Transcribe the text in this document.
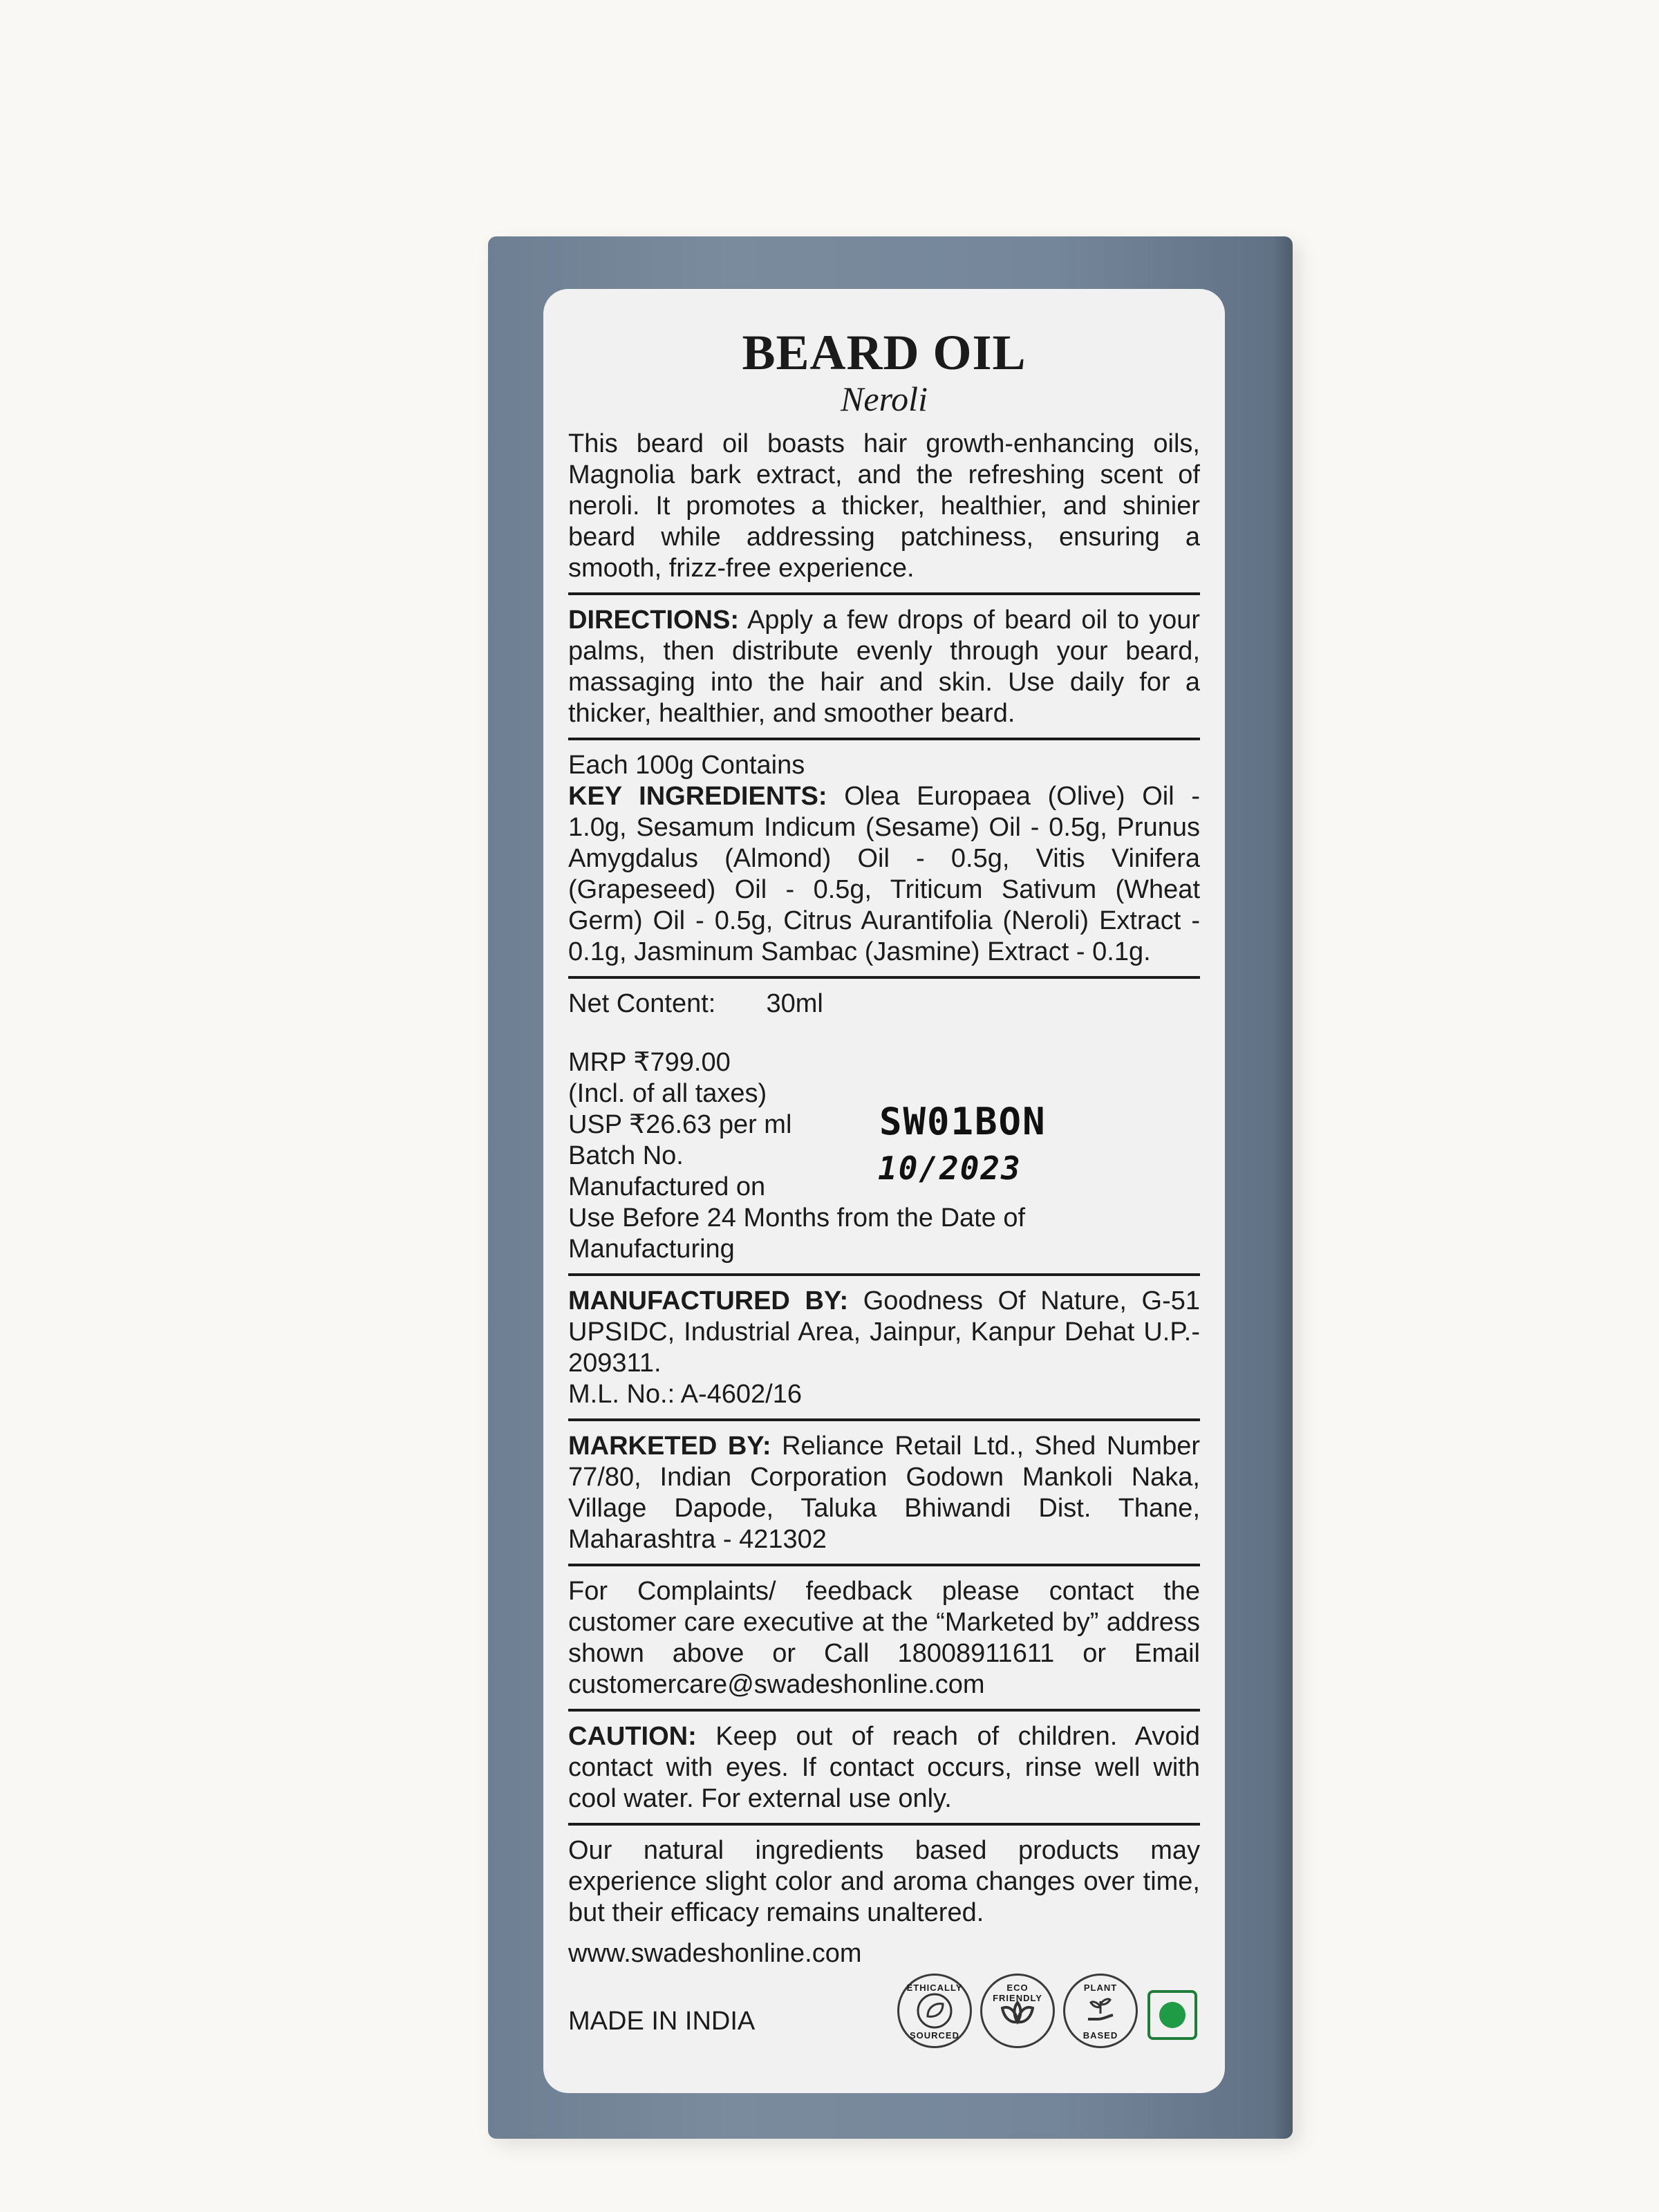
BEARD OIL
Neroli
This beard oil boasts hair growth-enhancing oils, Magnolia bark extract, and the refreshing scent of neroli. It promotes a thicker, healthier, and shinier beard while addressing patchiness, ensuring a smooth, frizz-free experience.
DIRECTIONS: Apply a few drops of beard oil to your palms, then distribute evenly through your beard, massaging into the hair and skin. Use daily for a thicker, healthier, and smoother beard.
Each 100g Contains
KEY INGREDIENTS: Olea Europaea (Olive) Oil - 1.0g, Sesamum Indicum (Sesame) Oil - 0.5g, Prunus Amygdalus (Almond) Oil - 0.5g, Vitis Vinifera (Grapeseed) Oil - 0.5g, Triticum Sativum (Wheat Germ) Oil - 0.5g, Citrus Aurantifolia (Neroli) Extract - 0.1g, Jasminum Sambac (Jasmine) Extract - 0.1g.
Net Content: 30ml
MRP ₹799.00
(Incl. of all taxes)
USP ₹26.63 per ml
Batch No.
Manufactured on
Use Before 24 Months from the Date of
Manufacturing
SW01BON
10/2023
MANUFACTURED BY: Goodness Of Nature, G-51 UPSIDC, Industrial Area, Jainpur, Kanpur Dehat U.P.- 209311.
M.L. No.: A-4602/16
MARKETED BY: Reliance Retail Ltd., Shed Number 77/80, Indian Corporation Godown Mankoli Naka, Village Dapode, Taluka Bhiwandi Dist. Thane, Maharashtra - 421302
For Complaints/ feedback please contact the customer care executive at the “Marketed by” address shown above or Call 18008911611 or Email customercare@swadeshonline.com
CAUTION: Keep out of reach of children. Avoid contact with eyes. If contact occurs, rinse well with cool water. For external use only.
Our natural ingredients based products may experience slight color and aroma changes over time, but their efficacy remains unaltered.
www.swadeshonline.com
MADE IN INDIA
ETHICALLY
SOURCED
ECO FRIENDLY
PLANT
BASED
